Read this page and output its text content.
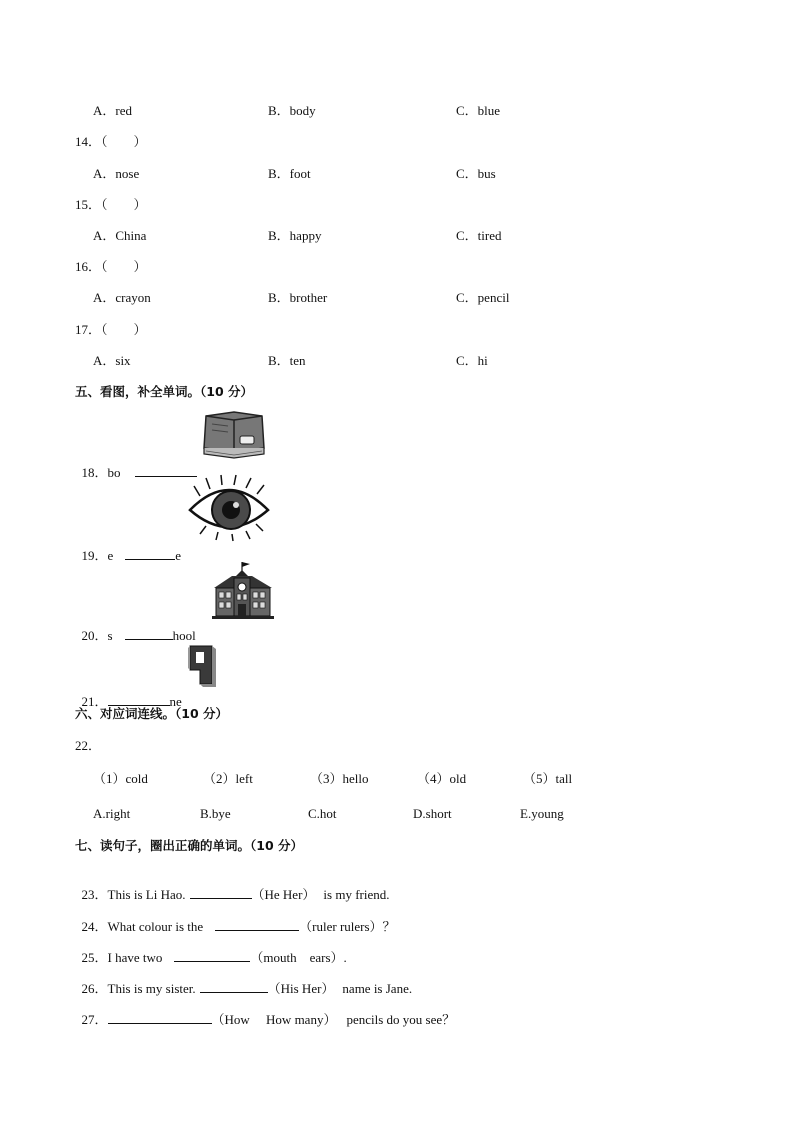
A．red	B．body	C．blue
14．（　　）
A．nose	B．foot	C．bus
15．（　　）
A．China	B．happy	C．tired
16．（　　）
A．crayon	B．brother	C．pencil
17．（　　）
A．six	B．ten	C．hi
五、看图，补全单词。（10 分）

18．bo

19．e	e

20．s	hool

21．	ne

六、对应词连线。（10 分）
22．
（1）cold	（2）left	（3）hello	（4）old	（5）tall
A.right	B.bye	C.hot	D.short	E.young
七、读句子，圈出正确的单词。（10 分）

23．This is Li Hao.	（He Her） is my friend.

24．What colour is the	（ruler rulers）？

25．I have two	（mouth　ears）.

26．This is my sister.	（His Her） name is Jane.

27．	（How　 How many） pencils do you see？
